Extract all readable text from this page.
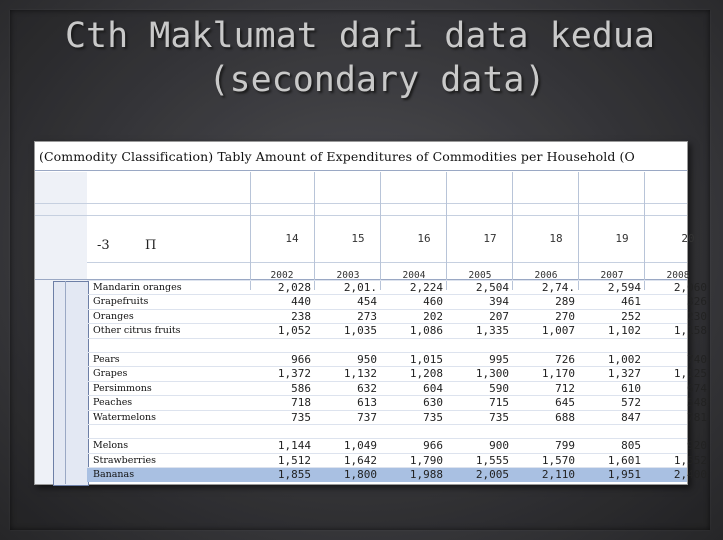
Cth Maklumat dari data kedua
(secondary data)
(Commodity Classification) Tably Amount of Expenditures of Commodities per Household (O
-3	Π	14	15	16	17	18	19	20
2002	2003	2004	2005	2006	2007	2008
Mandarin oranges	2,028	2,01.	2,224	2,504	2,74.	2,594	2,060
Grapefruits	440	454	460	394	289	461	326
Oranges	238	273	202	207	270	252	230
Other citrus fruits	1,052	1,035	1,086	1,335	1,007	1,102	1,158
Pears	966	950	1,015	995	726	1,002	740
Grapes	1,372	1,132	1,208	1,300	1,170	1,327	1,125
Persimmons	586	632	604	590	712	610	674
Peaches	718	613	630	715	645	572	548
Watermelons	735	737	735	735	688	847	781
Melons	1,144	1,049	966	900	799	805	920
Strawberries	1,512	1,642	1,790	1,555	1,570	1,601	1,552
Bananas	1,855	1,800	1,988	2,005	2,110	1,951	2,400
